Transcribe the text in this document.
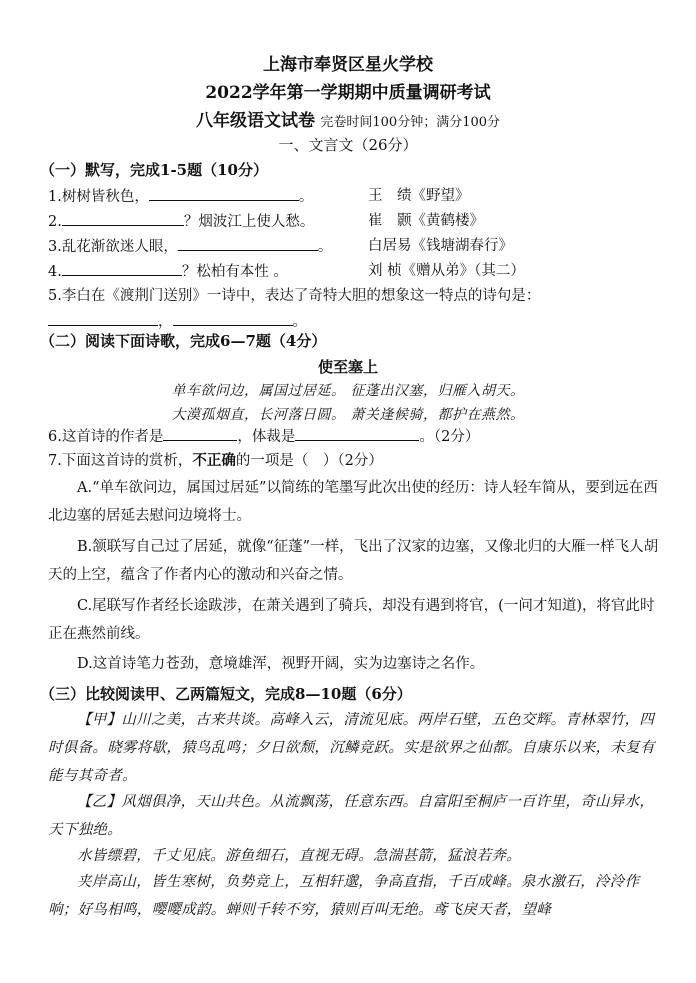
上海市奉贤区星火学校
2022学年第一学期期中质量调研考试
八年级语文试卷 完卷时间100分钟；满分100分
一、文言文（26分）
（一）默写，完成1-5题（10分）
1.树树皆秋色，	。	王　绩《野望》
2.	？烟波江上使人愁。	崔　颢《黄鹤楼》
3.乱花渐欲迷人眼，	。 白居易《钱塘湖春行》
4.	？松柏有本性 。	刘 桢《赠从弟》（其二）
5.李白在《渡荆门送别》一诗中，表达了奇特大胆的想象这一特点的诗句是：
，	。
（二）阅读下面诗歌，完成6—7题（4分）
使至塞上
单车欲问边，属国过居延。 征蓬出汉塞，归雁入胡天。
大漠孤烟直，长河落日圆。 萧关逢候骑，都护在燕然。
6.这首诗的作者是	，体裁是	。（2分）
7.下面这首诗的赏析，不正确的一项是（　）（2分）
A.“单车欲问边，属国过居延”以简练的笔墨写此次出使的经历：诗人轻车简从，要到远在西北边塞的居延去慰问边境将士。
B.颔联写自己过了居延，就像“征蓬”一样，飞出了汉家的边塞，又像北归的大雁一样飞人胡天的上空，蕴含了作者内心的激动和兴奋之情。
C.尾联写作者经长途跋涉，在萧关遇到了骑兵，却没有遇到将官，(一问才知道)，将官此时正在燕然前线。
D.这首诗笔力苍劲，意境雄浑，视野开阔，实为边塞诗之名作。
（三）比较阅读甲、乙两篇短文，完成8—10题（6分）
【甲】山川之美，古来共谈。高峰入云，清流见底。两岸石壁，五色交辉。青林翠竹，四时俱备。晓雾将歇，猿鸟乱鸣；夕日欲颓，沉鳞竞跃。实是欲界之仙都。自康乐以来，未复有能与其奇者。
【乙】风烟俱净，天山共色。从流飘荡，任意东西。自富阳至桐庐一百许里，奇山异水，天下独绝。
水皆缥碧，千丈见底。游鱼细石，直视无碍。急湍甚箭，猛浪若奔。
夹岸高山，皆生寒树，负势竞上，互相轩邈，争高直指，千百成峰。泉水激石，泠泠作响；好鸟相鸣，嘤嘤成韵。蝉则千转不穷，猿则百叫无绝。鸢飞戾天者，望峰
